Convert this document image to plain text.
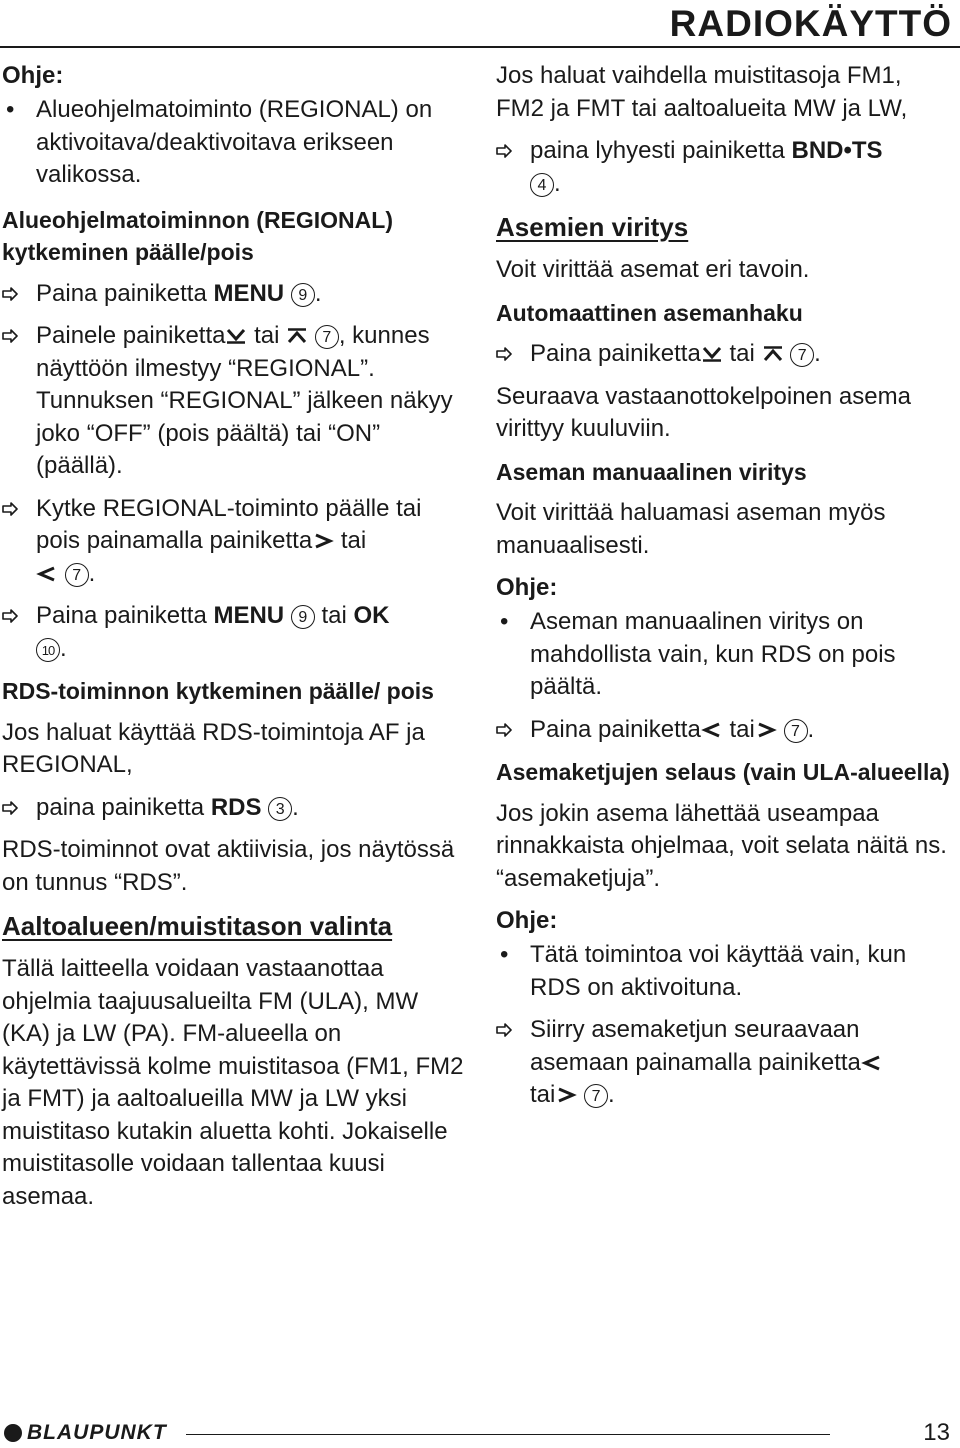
RADIOKÄYTTÖ

Ohje:

• Alueohjelmatoiminto (REGIONAL) on aktivoitava/deaktivoitava erikseen valikossa.

Alueohjelmatoiminnon (REGIONAL) kytkeminen päälle/pois

Paina painiketta MENU 9 .
Painele painiketta tai	7 , kunnes näyttöön ilmestyy “REGIONAL”. Tunnuksen “REGIONAL” jälkeen näkyy joko “OFF” (pois päältä) tai “ON” (päällä).
Kytke REGIONAL-toiminto päälle tai pois painamalla painiketta tai
7 .
Paina painiketta MENU 9 tai OK
10 .

RDS-toiminnon kytkeminen päälle/ pois

Jos haluat käyttää RDS-toimintoja AF ja REGIONAL,

paina painiketta RDS 3 .

RDS-toiminnot ovat aktiivisia, jos näytössä on tunnus “RDS”.

Aaltoalueen/muistitason valinta

Tällä laitteella voidaan vastaanottaa ohjelmia taajuusalueilta FM (ULA), MW (KA) ja LW (PA). FM-alueella on käytettävissä kolme muistitasoa (FM1, FM2 ja FMT) ja aaltoalueilla MW ja LW yksi muistitaso kutakin aluetta kohti. Jokaiselle muistitasolle voidaan tallentaa kuusi asemaa.

Jos haluat vaihdella muistitasoja FM1, FM2 ja FMT tai aaltoalueita MW ja LW,

paina lyhyesti painiketta BND•TS
4 .

Asemien viritys

Voit virittää asemat eri tavoin.

Automaattinen asemanhaku

Paina painiketta tai	7 .

Seuraava vastaanottokelpoinen asema virittyy kuuluviin.

Aseman manuaalinen viritys

Voit virittää haluamasi aseman myös manuaalisesti.

Ohje:

• Aseman manuaalinen viritys on mahdollista vain, kun RDS on pois päältä.
Paina painiketta tai 7 .

Asemaketjujen selaus (vain ULA-alueella)

Jos jokin asema lähettää useampaa rinnakkaista ohjelmaa, voit selata näitä ns. “asemaketjuja”.

Ohje:

• Tätä toimintoa voi käyttää vain, kun RDS on aktivoituna.
Siirry asemaketjun seuraavaan asemaan painamalla painiketta
tai 7 .
BLAUPUNKT	13
